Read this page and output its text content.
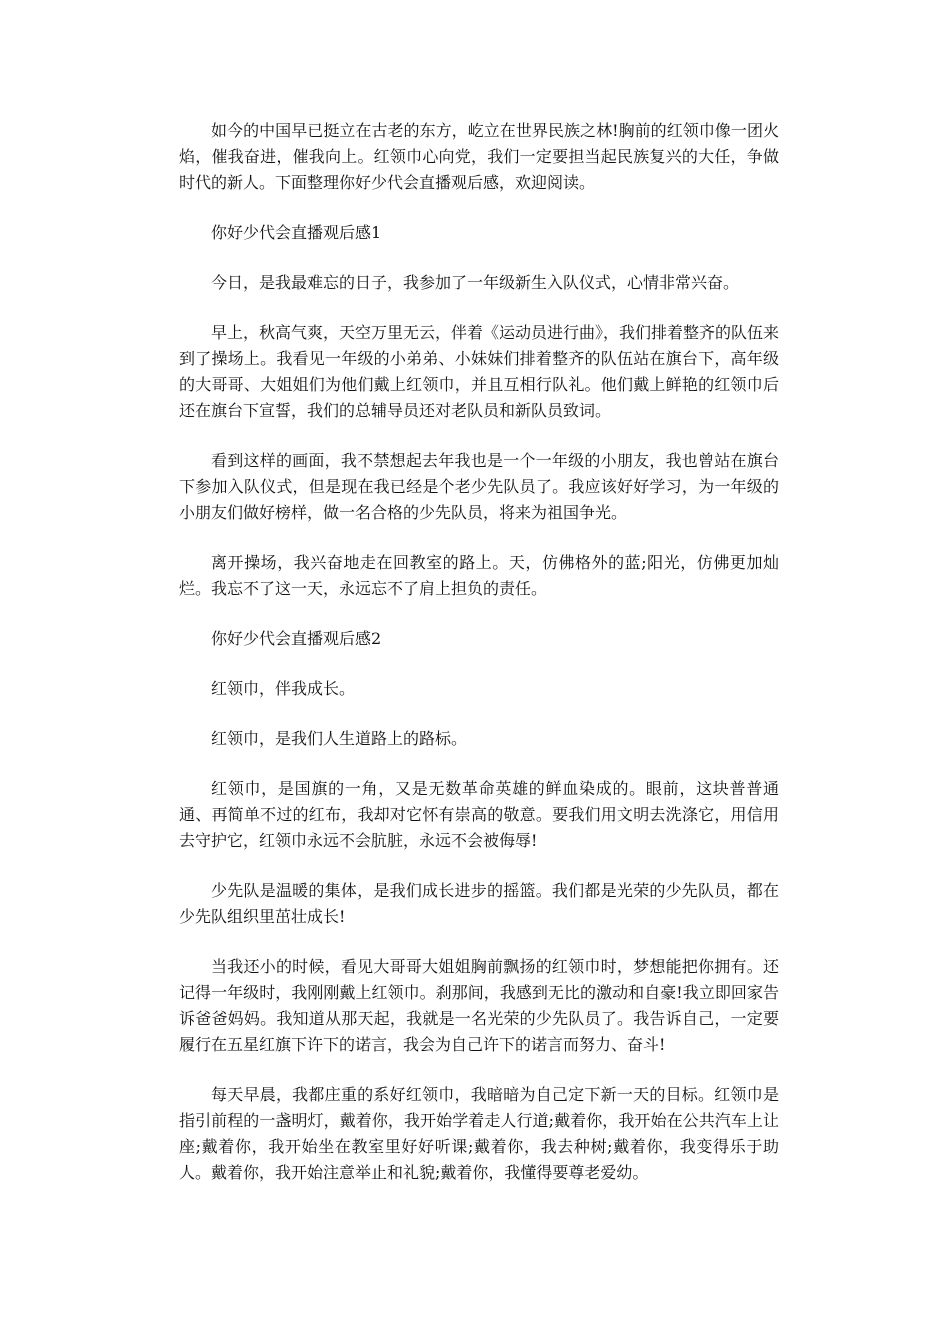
如今的中国早已挺立在古老的东方，屹立在世界民族之林!胸前的红领巾像一团火焰，催我奋进，催我向上。红领巾心向党，我们一定要担当起民族复兴的大任，争做时代的新人。下面整理你好少代会直播观后感，欢迎阅读。

你好少代会直播观后感1

今日，是我最难忘的日子，我参加了一年级新生入队仪式，心情非常兴奋。

早上，秋高气爽，天空万里无云，伴着《运动员进行曲》，我们排着整齐的队伍来到了操场上。我看见一年级的小弟弟、小妹妹们排着整齐的队伍站在旗台下，高年级的大哥哥、大姐姐们为他们戴上红领巾，并且互相行队礼。他们戴上鲜艳的红领巾后还在旗台下宣誓，我们的总辅导员还对老队员和新队员致词。

看到这样的画面，我不禁想起去年我也是一个一年级的小朋友，我也曾站在旗台下参加入队仪式，但是现在我已经是个老少先队员了。我应该好好学习，为一年级的小朋友们做好榜样，做一名合格的少先队员，将来为祖国争光。

离开操场，我兴奋地走在回教室的路上。天，仿佛格外的蓝;阳光，仿佛更加灿烂。我忘不了这一天，永远忘不了肩上担负的责任。

你好少代会直播观后感2

红领巾，伴我成长。

红领巾，是我们人生道路上的路标。

红领巾，是国旗的一角，又是无数革命英雄的鲜血染成的。眼前，这块普普通通、再简单不过的红布，我却对它怀有崇高的敬意。要我们用文明去洗涤它，用信用去守护它，红领巾永远不会肮脏，永远不会被侮辱!

少先队是温暖的集体，是我们成长进步的摇篮。我们都是光荣的少先队员，都在少先队组织里茁壮成长!

当我还小的时候，看见大哥哥大姐姐胸前飘扬的红领巾时，梦想能把你拥有。还记得一年级时，我刚刚戴上红领巾。刹那间，我感到无比的激动和自豪!我立即回家告诉爸爸妈妈。我知道从那天起，我就是一名光荣的少先队员了。我告诉自己，一定要履行在五星红旗下许下的诺言，我会为自己许下的诺言而努力、奋斗!

每天早晨，我都庄重的系好红领巾，我暗暗为自己定下新一天的目标。红领巾是指引前程的一盏明灯，戴着你，我开始学着走人行道;戴着你，我开始在公共汽车上让座;戴着你，我开始坐在教室里好好听课;戴着你，我去种树;戴着你，我变得乐于助人。戴着你，我开始注意举止和礼貌;戴着你，我懂得要尊老爱幼。
